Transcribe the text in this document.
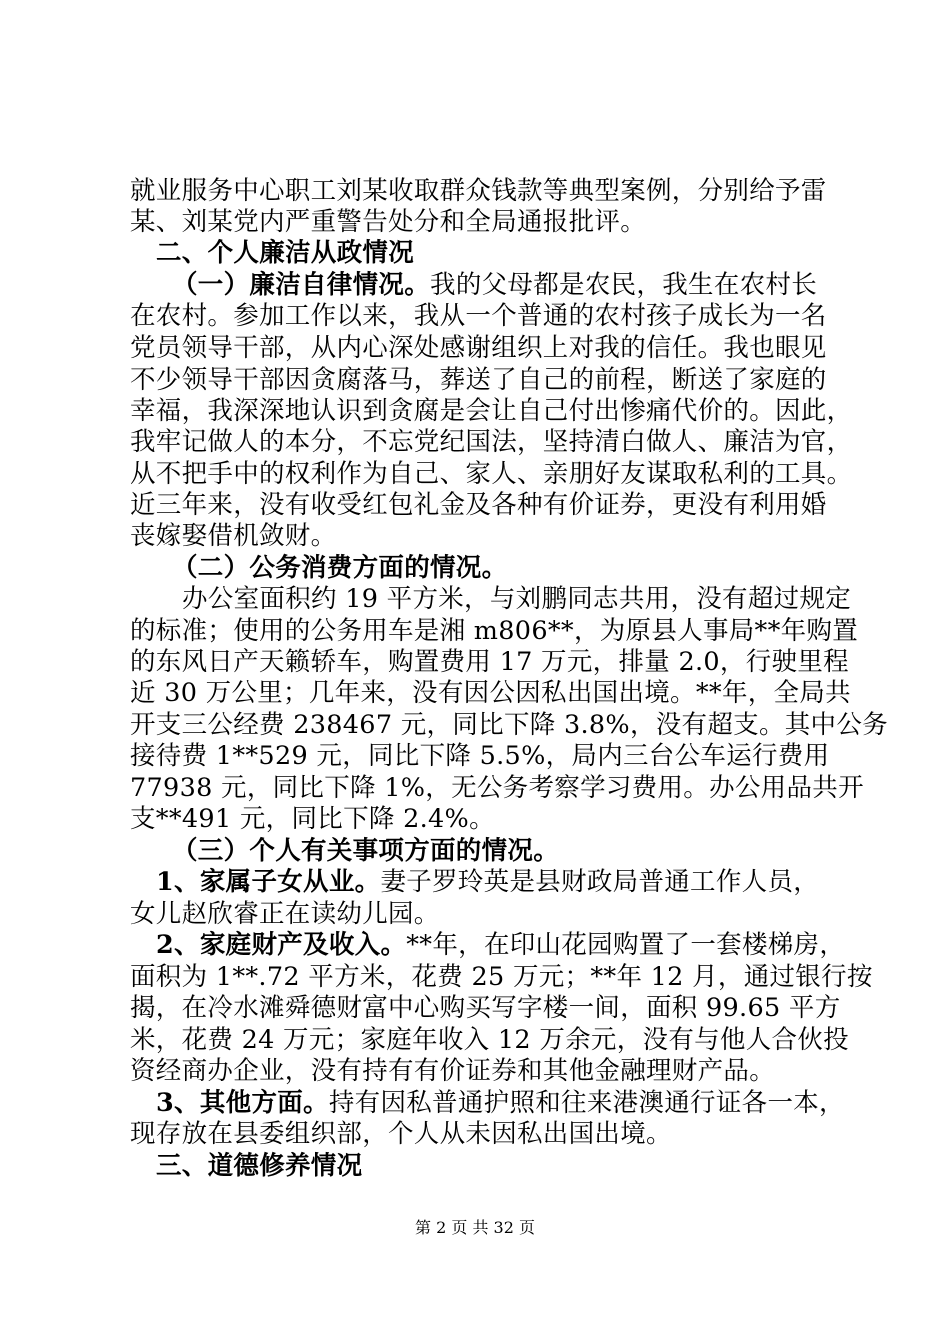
就业服务中心职工刘某收取群众钱款等典型案例，分别给予雷
某、刘某党内严重警告处分和全局通报批评。
二、个人廉洁从政情况
（一）廉洁自律情况。我的父母都是农民，我生在农村长
在农村。参加工作以来，我从一个普通的农村孩子成长为一名
党员领导干部，从内心深处感谢组织上对我的信任。我也眼见
不少领导干部因贪腐落马，葬送了自己的前程，断送了家庭的
幸福，我深深地认识到贪腐是会让自己付出惨痛代价的。因此，
我牢记做人的本分，不忘党纪国法，坚持清白做人、廉洁为官，
从不把手中的权利作为自己、家人、亲朋好友谋取私利的工具。
近三年来，没有收受红包礼金及各种有价证券，更没有利用婚
丧嫁娶借机敛财。
（二）公务消费方面的情况。
办公室面积约 19 平方米，与刘鹏同志共用，没有超过规定
的标准；使用的公务用车是湘 m806**，为原县人事局**年购置
的东风日产天籁轿车，购置费用 17 万元，排量 2.0，行驶里程
近 30 万公里；几年来，没有因公因私出国出境。**年，全局共
开支三公经费 238467 元，同比下降 3.8%，没有超支。其中公务
接待费 1**529 元，同比下降 5.5%，局内三台公车运行费用
77938 元，同比下降 1%，无公务考察学习费用。办公用品共开
支**491 元，同比下降 2.4%。
（三）个人有关事项方面的情况。
1、家属子女从业。妻子罗玲英是县财政局普通工作人员，
女儿赵欣睿正在读幼儿园。
2、家庭财产及收入。**年，在印山花园购置了一套楼梯房，
面积为 1**.72 平方米，花费 25 万元；**年 12 月，通过银行按
揭，在冷水滩舜德财富中心购买写字楼一间，面积 99.65 平方
米，花费 24 万元；家庭年收入 12 万余元，没有与他人合伙投
资经商办企业，没有持有有价证券和其他金融理财产品。
3、其他方面。持有因私普通护照和往来港澳通行证各一本，
现存放在县委组织部，个人从未因私出国出境。
三、道德修养情况
第 2 页 共 32 页
